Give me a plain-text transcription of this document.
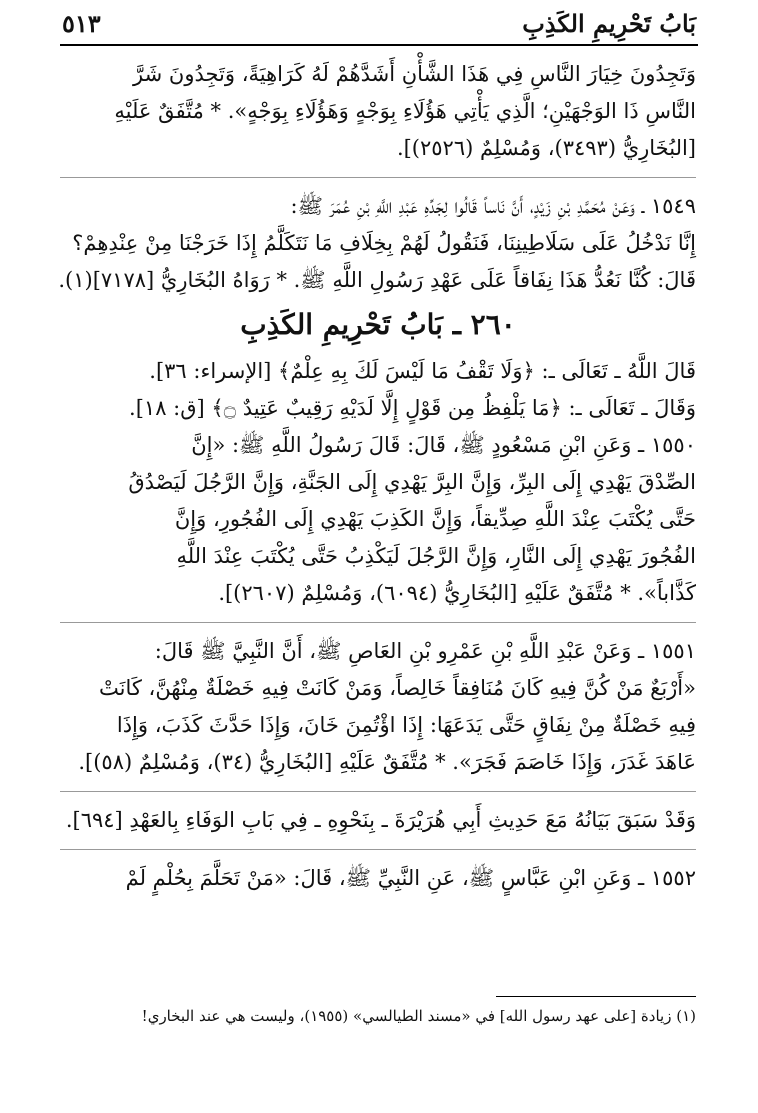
بَابُ تَحْرِيمِ الكَذِبِ
٥١٣

وَتَجِدُونَ خِيَارَ النَّاسِ فِي هَذَا الشَّأْنِ أَشَدَّهُمْ لَهُ كَرَاهِيَةً، وَتَجِدُونَ شَرَّ
النَّاسِ ذَا الوَجْهَيْنِ؛ الَّذِي يَأْتِي هَؤُلَاءِ بِوَجْهٍ وَهَؤُلَاءِ بِوَجْهٍ». * مُتَّفَقٌ عَلَيْهِ
[البُخَارِيُّ (٣٤٩٣)، وَمُسْلِمٌ (٢٥٢٦)].

١٥٤٩ ـ وَعَنْ مُحَمَّدِ بْنِ زَيْدٍ، أَنَّ نَاساً قَالُوا لِجَدِّهِ عَبْدِ اللَّهِ بْنِ عُمَرَ ﷺ:
إِنَّا نَدْخُلُ عَلَى سَلَاطِينِنَا، فَنَقُولُ لَهُمْ بِخِلَافِ مَا نَتَكَلَّمُ إِذَا خَرَجْنَا مِنْ عِنْدِهِمْ؟
قَالَ: كُنَّا نَعُدُّ هَذَا نِفَاقاً عَلَى عَهْدِ رَسُولِ اللَّهِ ﷺ. * رَوَاهُ البُخَارِيُّ [٧١٧٨](١).

٢٦٠ ـ بَابُ تَحْرِيمِ الكَذِبِ

قَالَ اللَّهُ ـ تَعَالَى ـ: ﴿وَلَا تَقْفُ مَا لَيْسَ لَكَ بِهِ عِلْمٌ﴾ [الإسراء: ٣٦].
وَقَالَ ـ تَعَالَى ـ: ﴿مَا يَلْفِظُ مِن قَوْلٍ إِلَّا لَدَيْهِ رَقِيبٌ عَتِيدٌ ۝﴾ [ق: ١٨].

١٥٥٠ ـ وَعَنِ ابْنِ مَسْعُودٍ ﷺ، قَالَ: قَالَ رَسُولُ اللَّهِ ﷺ: «إِنَّ
الصِّدْقَ يَهْدِي إِلَى البِرِّ، وَإِنَّ البِرَّ يَهْدِي إِلَى الجَنَّةِ، وَإِنَّ الرَّجُلَ لَيَصْدُقُ
حَتَّى يُكْتَبَ عِنْدَ اللَّهِ صِدِّيقاً، وَإِنَّ الكَذِبَ يَهْدِي إِلَى الفُجُورِ، وَإِنَّ
الفُجُورَ يَهْدِي إِلَى النَّارِ، وَإِنَّ الرَّجُلَ لَيَكْذِبُ حَتَّى يُكْتَبَ عِنْدَ اللَّهِ
كَذَّاباً». * مُتَّفَقٌ عَلَيْهِ [البُخَارِيُّ (٦٠٩٤)، وَمُسْلِمٌ (٢٦٠٧)].

١٥٥١ ـ وَعَنْ عَبْدِ اللَّهِ بْنِ عَمْرِو بْنِ العَاصِ ﷺ، أَنَّ النَّبِيَّ ﷺ قَالَ:
«أَرْبَعٌ مَنْ كُنَّ فِيهِ كَانَ مُنَافِقاً خَالِصاً، وَمَنْ كَانَتْ فِيهِ خَصْلَةٌ مِنْهُنَّ، كَانَتْ
فِيهِ خَصْلَةٌ مِنْ نِفَاقٍ حَتَّى يَدَعَهَا: إِذَا اؤْتُمِنَ خَانَ، وَإِذَا حَدَّثَ كَذَبَ، وَإِذَا
عَاهَدَ غَدَرَ، وَإِذَا خَاصَمَ فَجَرَ». * مُتَّفَقٌ عَلَيْهِ [البُخَارِيُّ (٣٤)، وَمُسْلِمٌ (٥٨)].

وَقَدْ سَبَقَ بَيَانُهُ مَعَ حَدِيثِ أَبِي هُرَيْرَةَ ـ بِنَحْوِهِ ـ فِي بَابِ الوَفَاءِ بِالعَهْدِ [٦٩٤].

١٥٥٢ ـ وَعَنِ ابْنِ عَبَّاسٍ ﷺ، عَنِ النَّبِيِّ ﷺ، قَالَ: «مَنْ تَحَلَّمَ بِحُلْمٍ لَمْ

(١) زيادة [على عهد رسول الله] في «مسند الطيالسي» (١٩٥٥)، وليست هي عند البخاري!
